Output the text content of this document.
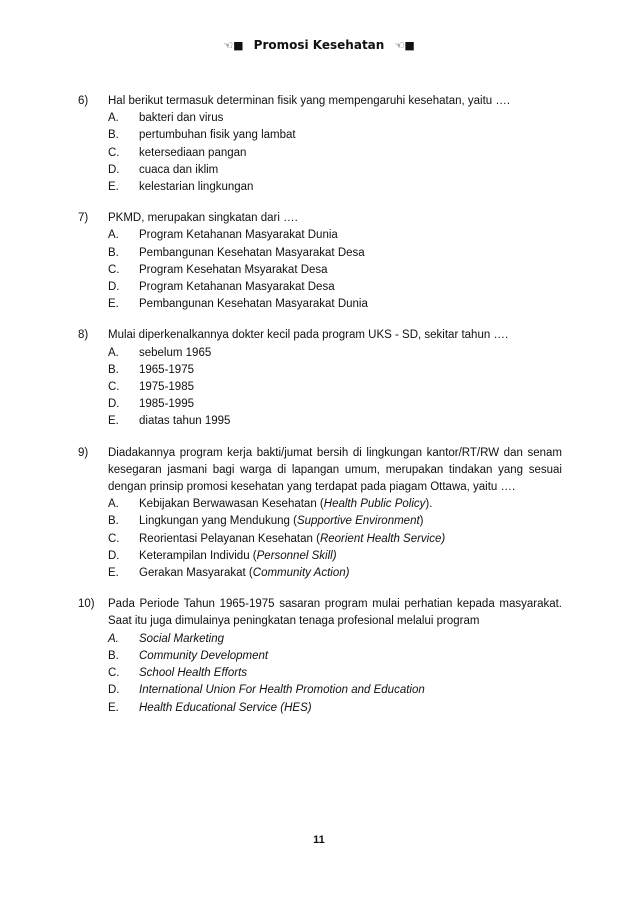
☜■ Promosi Kesehatan ☜■
6)	Hal berikut termasuk determinan fisik yang mempengaruhi kesehatan, yaitu ….
A.	bakteri dan virus
B.	pertumbuhan fisik yang lambat
C.	ketersediaan pangan
D.	cuaca dan iklim
E.	kelestarian lingkungan
7)	PKMD, merupakan singkatan dari ….
A.	Program Ketahanan Masyarakat Dunia
B.	Pembangunan Kesehatan Masyarakat Desa
C.	Program Kesehatan Msyarakat Desa
D.	Program Ketahanan Masyarakat Desa
E.	Pembangunan Kesehatan Masyarakat Dunia
8)	Mulai diperkenalkannya dokter kecil pada program UKS - SD, sekitar tahun ….
A.	sebelum 1965
B.	1965-1975
C.	1975-1985
D.	1985-1995
E.	diatas tahun 1995
9)	Diadakannya program kerja bakti/jumat bersih di lingkungan kantor/RT/RW dan senam kesegaran jasmani bagi warga di lapangan umum, merupakan tindakan yang sesuai dengan prinsip promosi kesehatan yang terdapat pada piagam Ottawa, yaitu ….
A.	Kebijakan Berwawasan Kesehatan (Health Public Policy).
B.	Lingkungan yang Mendukung (Supportive Environment)
C.	Reorientasi Pelayanan Kesehatan (Reorient Health Service)
D.	Keterampilan Individu (Personnel Skill)
E.	Gerakan Masyarakat (Community Action)
10)	Pada Periode Tahun 1965-1975 sasaran program mulai perhatian kepada masyarakat. Saat itu juga dimulainya peningkatan tenaga profesional melalui program
A.	Social Marketing
B.	Community Development
C.	School Health Efforts
D.	International Union For Health Promotion and Education
E.	Health Educational Service (HES)
11
